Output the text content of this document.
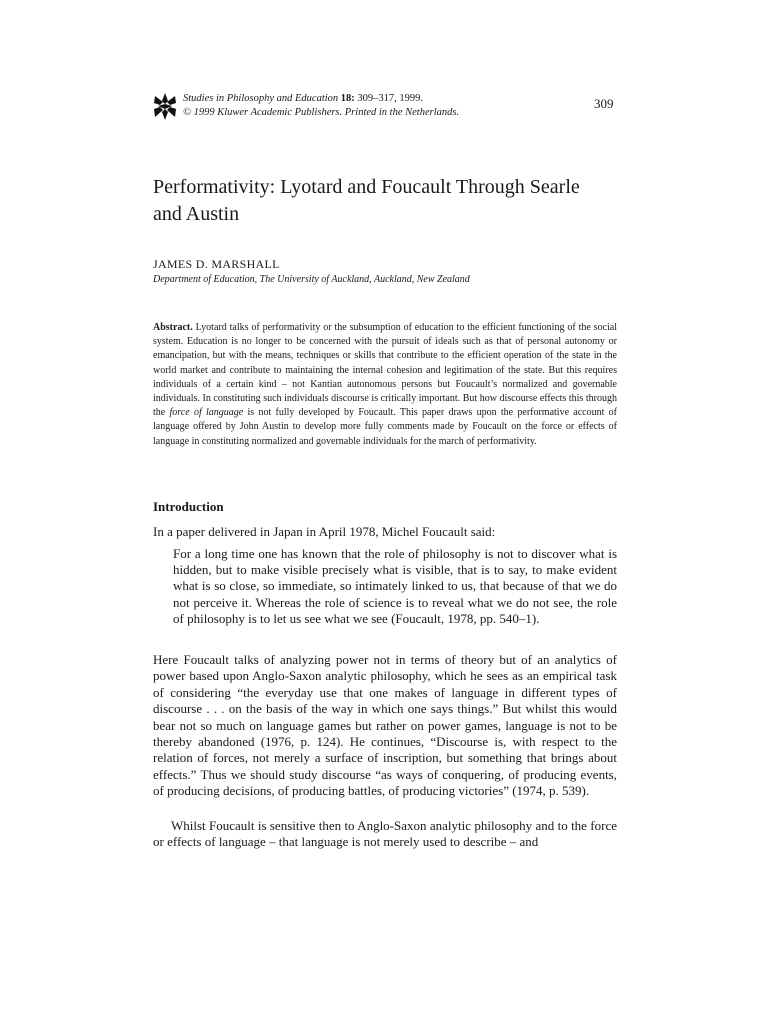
Studies in Philosophy and Education 18: 309–317, 1999.
© 1999 Kluwer Academic Publishers. Printed in the Netherlands.
309
Performativity: Lyotard and Foucault Through Searle and Austin
JAMES D. MARSHALL
Department of Education, The University of Auckland, Auckland, New Zealand

Abstract. Lyotard talks of performativity or the subsumption of education to the efficient functioning of the social system. Education is no longer to be concerned with the pursuit of ideals such as that of personal autonomy or emancipation, but with the means, techniques or skills that contribute to the efficient operation of the state in the world market and contribute to maintaining the internal cohesion and legitimation of the state. But this requires individuals of a certain kind – not Kantian autonomous persons but Foucault’s normalized and governable individuals. In constituting such individuals discourse is critically important. But how discourse effects this through the force of language is not fully developed by Foucault. This paper draws upon the performative account of language offered by John Austin to develop more fully comments made by Foucault on the force or effects of language in constituting normalized and governable individuals for the march of performativity.

Introduction

In a paper delivered in Japan in April 1978, Michel Foucault said:

For a long time one has known that the role of philosophy is not to discover what is hidden, but to make visible precisely what is visible, that is to say, to make evident what is so close, so immediate, so intimately linked to us, that because of that we do not perceive it. Whereas the role of science is to reveal what we do not see, the role of philosophy is to let us see what we see (Foucault, 1978, pp. 540–1).

Here Foucault talks of analyzing power not in terms of theory but of an analytics of power based upon Anglo-Saxon analytic philosophy, which he sees as an empirical task of considering “the everyday use that one makes of language in different types of discourse . . . on the basis of the way in which one says things.” But whilst this would bear not so much on language games but rather on power games, language is not to be thereby abandoned (1976, p. 124). He continues, “Discourse is, with respect to the relation of forces, not merely a surface of inscription, but something that brings about effects.” Thus we should study discourse “as ways of conquering, of producing events, of producing decisions, of producing battles, of producing victories” (1974, p. 539).

Whilst Foucault is sensitive then to Anglo-Saxon analytic philosophy and to the force or effects of language – that language is not merely used to describe – and
